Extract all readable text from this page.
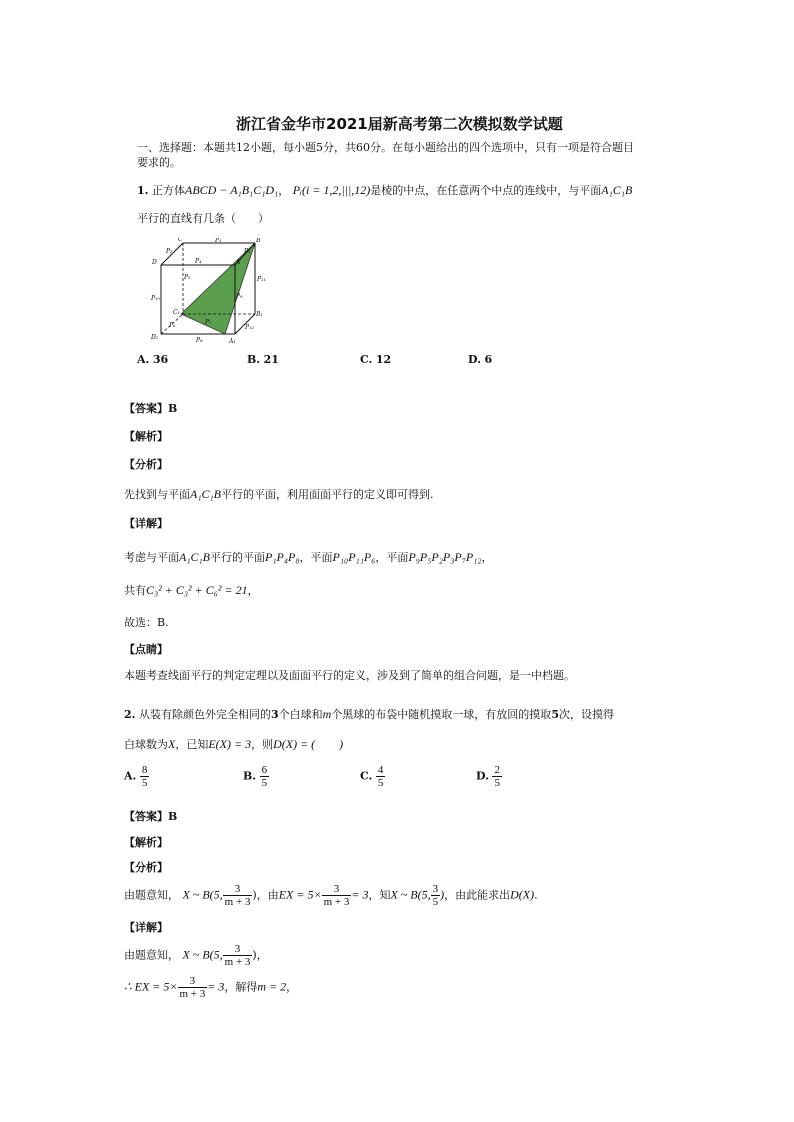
浙江省金华市2021届新高考第二次模拟数学试题
一、选择题：本题共12小题，每小题5分，共60分。在每小题给出的四个选项中，只有一项是符合题目
要求的。
1. 正方体ABCD − A₁B₁C₁D₁， Pᵢ(i = 1,2,|||,12)是棱的中点，在任意两个中点的连线中，与平面A₁C₁B
平行的直线有几条（　　）
C	B
D	A
P₂
P₃
P₁
P₄
P₁₀
P₁₁
P₅
P₉
P₆	P₇
P₈
P₁₂
C₁	B₁
D₁
A₁
A. 36	B. 21	C. 12	D. 6
【答案】B
【解析】
【分析】
先找到与平面A₁C₁B平行的平面，利用面面平行的定义即可得到.
【详解】
考虑与平面A₁C₁B平行的平面P₁P₄P₈，平面P₁₀P₁₁P₆，平面P₉P₅P₂P₃P₇P₁₂，
共有C₃² + C₃² + C₆² = 21，
故选：B.
【点睛】
本题考查线面平行的判定定理以及面面平行的定义，涉及到了简单的组合问题，是一中档题。
2. 从装有除颜色外完全相同的3个白球和m个黑球的布袋中随机摸取一球，有放回的摸取5次，设摸得
白球数为X，已知E(X) = 3，则D(X) = (　　)
A. $\frac{8}{5}$	B. $\frac{6}{5}$	C. $\frac{4}{5}$	D. $\frac{2}{5}$
【答案】B
【解析】
【分析】
由题意知， X ~ B(5, $\frac{3}{m + 3}$ )，由EX = $5\times \frac{3}{m + 3} = 3$，知X ~ B(5, $\frac{3}{5}$ )，由此能求出D(X).
【详解】
由题意知， X ~ B(5, $\frac{3}{m + 3}$ )，
∴ EX = $5\times \frac{3}{m + 3} = 3$，解得m = 2，
